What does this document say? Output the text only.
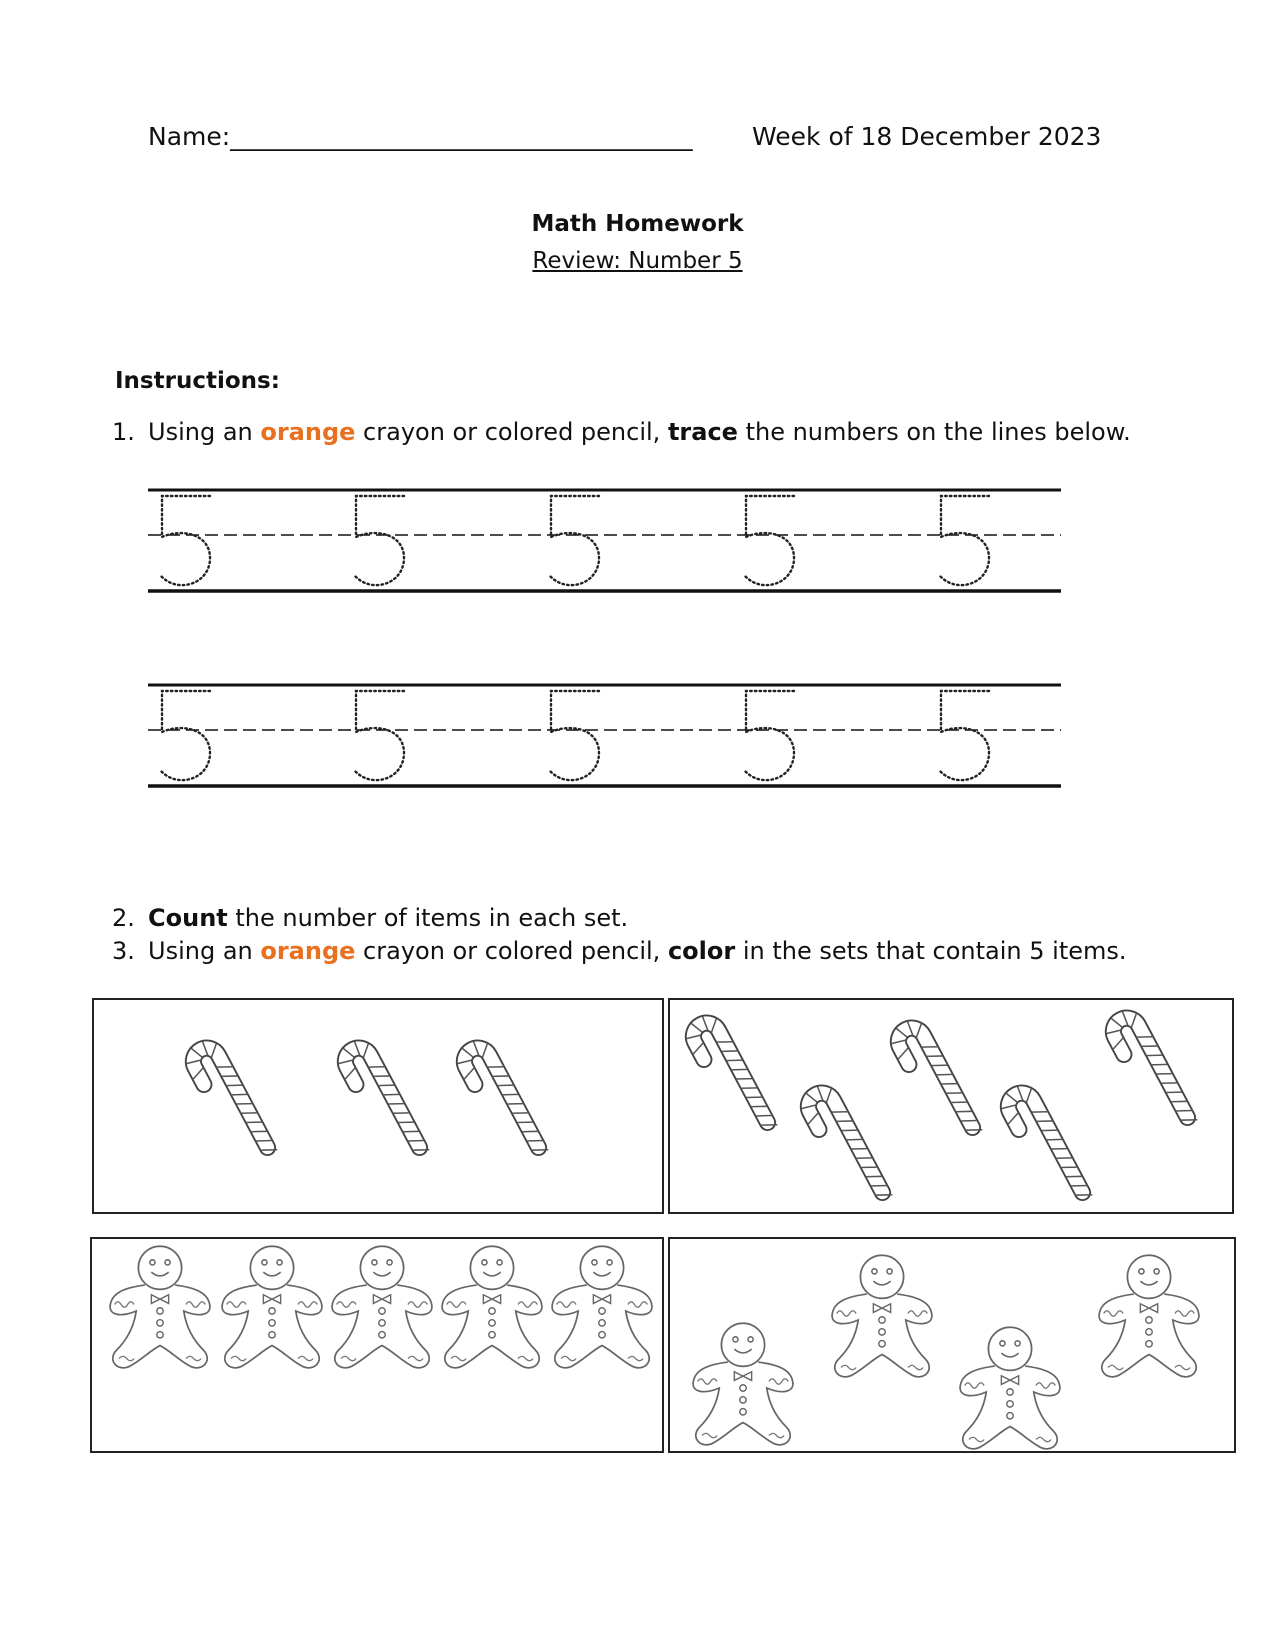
Name:_____________________________________ Week of 18 December 2023
Math Homework
Review: Number 5
Instructions:
1. Using an orange crayon or colored pencil, trace the numbers on the lines below.
2. Count the number of items in each set.
3. Using an orange crayon or colored pencil, color in the sets that contain 5 items.
